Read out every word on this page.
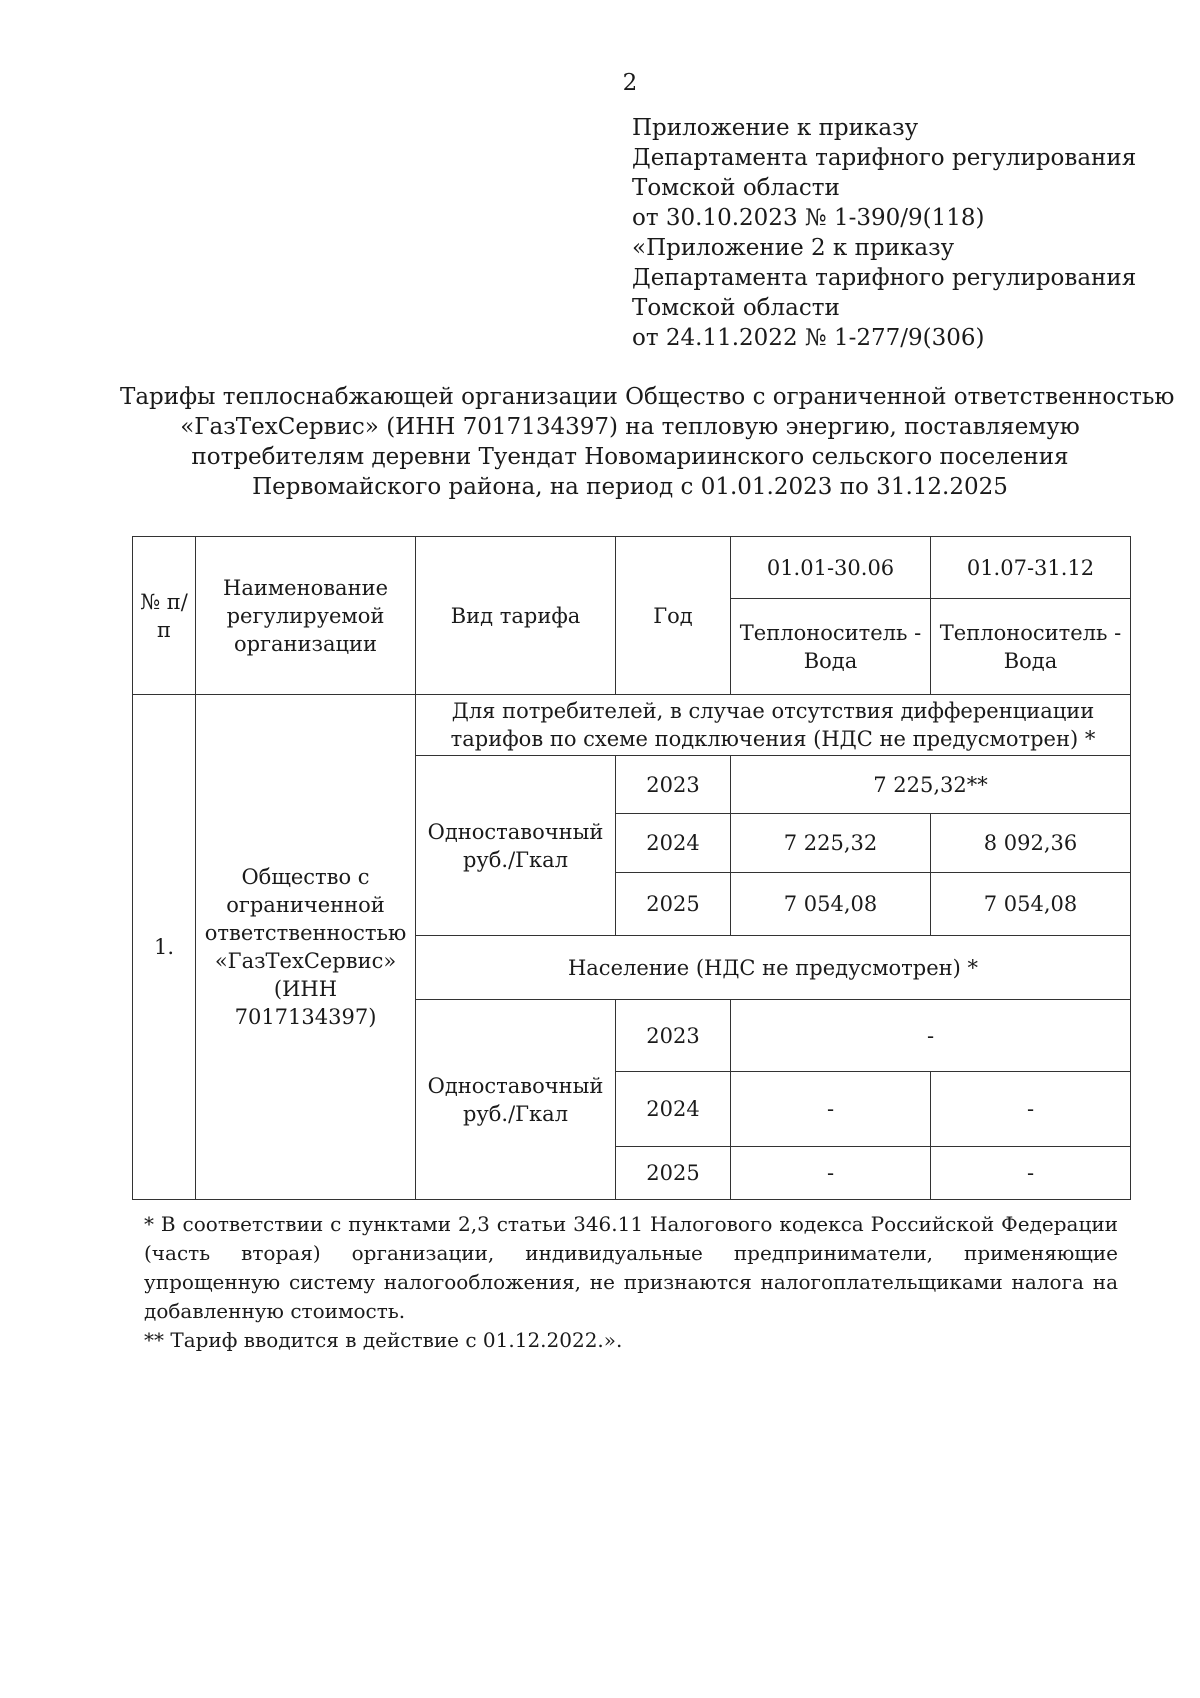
2
Приложение к приказу
Департамента тарифного регулирования
Томской области
от 30.10.2023 № 1-390/9(118)
«Приложение 2 к приказу
Департамента тарифного регулирования
Томской области
от 24.11.2022 № 1-277/9(306)
Тарифы теплоснабжающей организации Общество с ограниченной ответственностью
«ГазТехСервис» (ИНН 7017134397) на тепловую энергию, поставляемую
потребителям деревни Туендат Новомариинского сельского поселения
Первомайского района, на период с 01.01.2023 по 31.12.2025
№ п/п	Наименование регулируемой организации	Вид тарифа	Год	01.01-30.06	01.07-31.12
				Теплоноситель - Вода	Теплоноситель - Вода
1.	Общество с ограниченной ответственностью «ГазТехСервис» (ИНН 7017134397)	Для потребителей, в случае отсутствия дифференциации тарифов по схеме подключения (НДС не предусмотрен) *			
		Одноставочный руб./Гкал	2023	7 225,32**	
			2024	7 225,32	8 092,36
			2025	7 054,08	7 054,08
		Население (НДС не предусмотрен) *			
		Одноставочный руб./Гкал	2023	-	
			2024	-	-
			2025	-	-
* В соответствии с пунктами 2,3 статьи 346.11 Налогового кодекса Российской Федерации (часть вторая) организации, индивидуальные предприниматели, применяющие упрощенную систему налогообложения, не признаются налогоплательщиками налога на добавленную стоимость.
** Тариф вводится в действие с 01.12.2022.».
